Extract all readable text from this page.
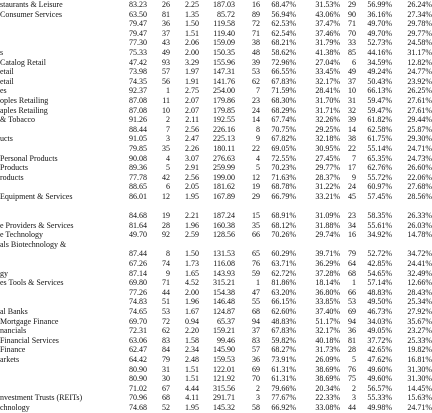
staurants & Leisure	83.23	26	2.25	187.03	16	68.47%	31.53%	29	56.99%	26.24%
Consumer Services	63.50	81	1.35	85.72	89	56.94%	43.06%	90	36.16%	27.34%
79.47	36	1.50	119.58	72	62.53%	37.47%	71	49.70%	29.78%
79.47	37	1.51	119.40	71	62.54%	37.46%	70	49.70%	29.77%
77.30	43	2.06	159.09	38	68.21%	31.79%	33	52.73%	24.58%
s	75.33	49	2.00	150.35	48	58.62%	41.38%	85	44.16%	31.17%
Catalog Retail	47.42	93	3.29	155.96	39	72.96%	27.04%	6	34.59%	12.82%
etail	73.98	57	1.97	147.31	53	66.55%	33.45%	49	49.24%	24.77%
etail	74.35	56	1.91	141.76	62	67.83%	32.17%	37	50.43%	23.92%
es	92.37	1	2.75	254.00	7	71.59%	28.41%	10	66.13%	26.25%
oples Retailing	87.08	11	2.07	179.86	23	68.30%	31.70%	31	59.47%	27.61%
aples Retailing	87.08	10	2.07	179.85	24	68.29%	31.71%	32	59.47%	27.61%
& Tobacco	91.26	2	2.11	192.55	14	67.74%	32.26%	39	61.82%	29.44%
88.44	7	2.56	226.16	8	70.75%	29.25%	14	62.58%	25.87%
ucts	91.05	3	2.47	225.13	9	67.82%	32.18%	38	61.75%	29.30%
79.85	35	2.26	180.11	22	69.05%	30.95%	22	55.14%	24.71%
Personal Products	90.08	4	3.07	276.63	4	72.55%	27.45%	7	65.35%	24.73%
Products	89.36	5	2.91	259.99	5	70.23%	29.77%	17	62.76%	26.60%
roducts	77.78	42	2.56	199.00	12	71.63%	28.37%	9	55.72%	22.06%
88.65	6	2.05	181.62	19	68.78%	31.22%	24	60.97%	27.68%
Equipment & Services	86.01	12	1.95	167.89	29	66.79%	33.21%	45	57.45%	28.56%
84.68	19	2.21	187.24	15	68.91%	31.09%	23	58.35%	26.33%
e Providers & Services	81.64	28	1.96	160.38	35	68.12%	31.88%	34	55.61%	26.03%
e Technology	49.70	92	2.59	128.56	66	70.26%	29.74%	16	34.92%	14.78%
als Biotechnology &
87.44	8	1.50	131.53	65	60.29%	39.71%	79	52.72%	34.72%
67.26	74	1.73	116.08	76	63.71%	36.29%	64	42.85%	24.41%
gy	87.14	9	1.65	143.93	59	62.72%	37.28%	68	54.65%	32.49%
es Tools & Services	69.80	71	4.52	315.21	1	81.86%	18.14%	1	57.14%	12.66%
77.26	44	2.00	154.38	47	63.20%	36.80%	66	48.83%	28.43%
74.83	51	1.96	146.48	55	66.15%	33.85%	53	49.50%	25.34%
al Banks	74.65	53	1.67	124.87	68	62.60%	37.40%	69	46.73%	27.92%
Mortgage Finance	69.70	72	0.94	65.37	94	48.83%	51.17%	94	34.03%	35.67%
nancials	72.31	62	2.20	159.21	37	67.83%	32.17%	36	49.05%	23.27%
Financial Services	63.06	83	1.58	99.46	83	59.82%	40.18%	81	37.72%	25.33%
Finance	62.47	84	2.34	145.90	57	68.27%	31.73%	28	42.65%	19.82%
arkets	64.42	79	2.48	159.53	36	73.91%	26.09%	5	47.62%	16.81%
80.90	31	1.51	122.01	69	61.31%	38.69%	76	49.60%	31.30%
80.90	30	1.51	121.92	70	61.31%	38.69%	75	49.60%	31.30%
71.02	67	4.44	315.56	2	79.66%	20.34%	2	56.57%	14.45%
nvestment Trusts (REITs)	70.96	68	4.11	291.71	3	77.67%	22.33%	3	55.33%	15.63%
chnology	74.68	52	1.95	145.32	58	66.92%	33.08%	44	49.98%	24.71%
